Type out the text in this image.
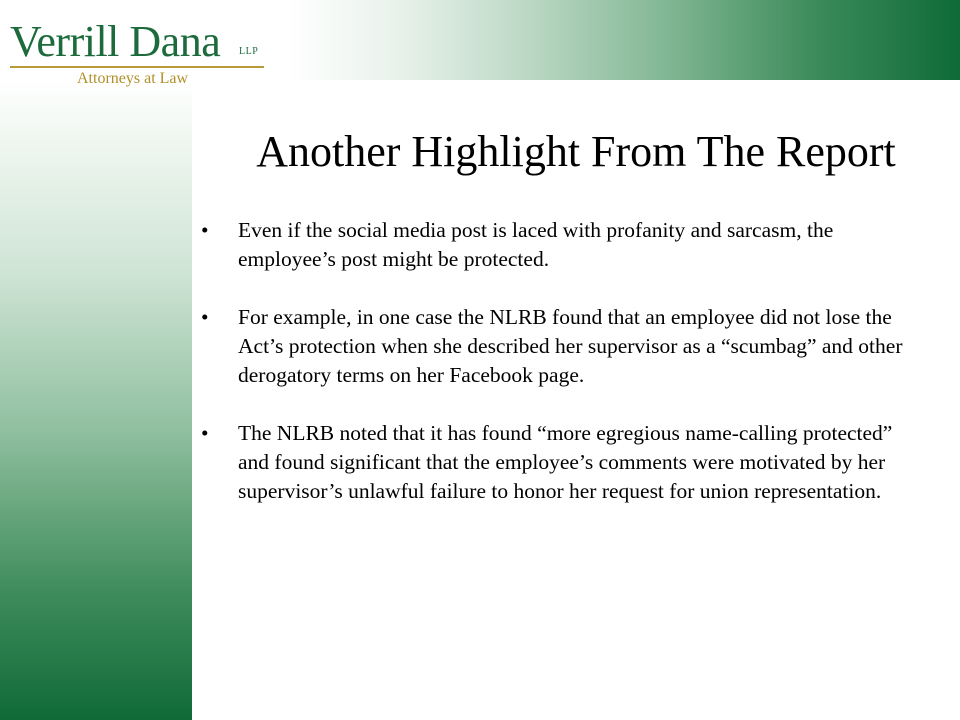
Verrill Dana LLP
Attorneys at Law
Another Highlight From The Report
• Even if the social media post is laced with profanity and sarcasm, the employee’s post might be protected.
• For example, in one case the NLRB found that an employee did not lose the Act’s protection when she described her supervisor as a “scumbag” and other derogatory terms on her Facebook page.
• The NLRB noted that it has found “more egregious name-calling protected” and found significant that the employee’s comments were motivated by her supervisor’s unlawful failure to honor her request for union representation.
